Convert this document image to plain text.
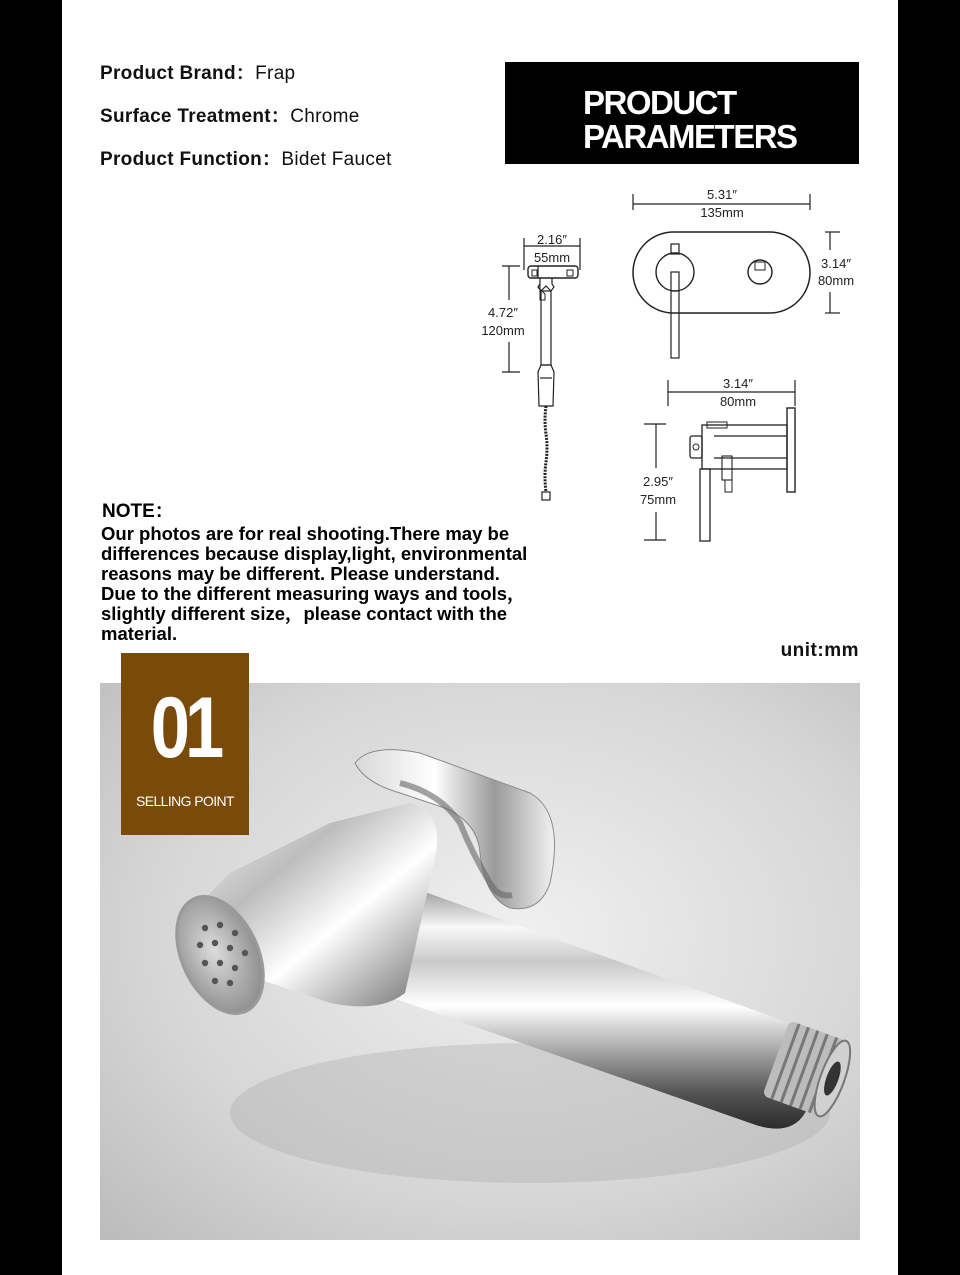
Product Brand：Frap
Surface Treatment：Chrome
Product Function：Bidet Faucet
PRODUCT
PARAMETERS
5.31″
135mm
3.14″
80mm
2.16″
55mm
4.72″
120mm
3.14″
80mm
2.95″
75mm
NOTE：
Our photos are for real shooting.There may be
differences because display,light, environmental
reasons may be different. Please understand.
Due to the different measuring ways and tools，
slightly different size，please contact with the
material.
unit:mm
01
SELLING POINT
